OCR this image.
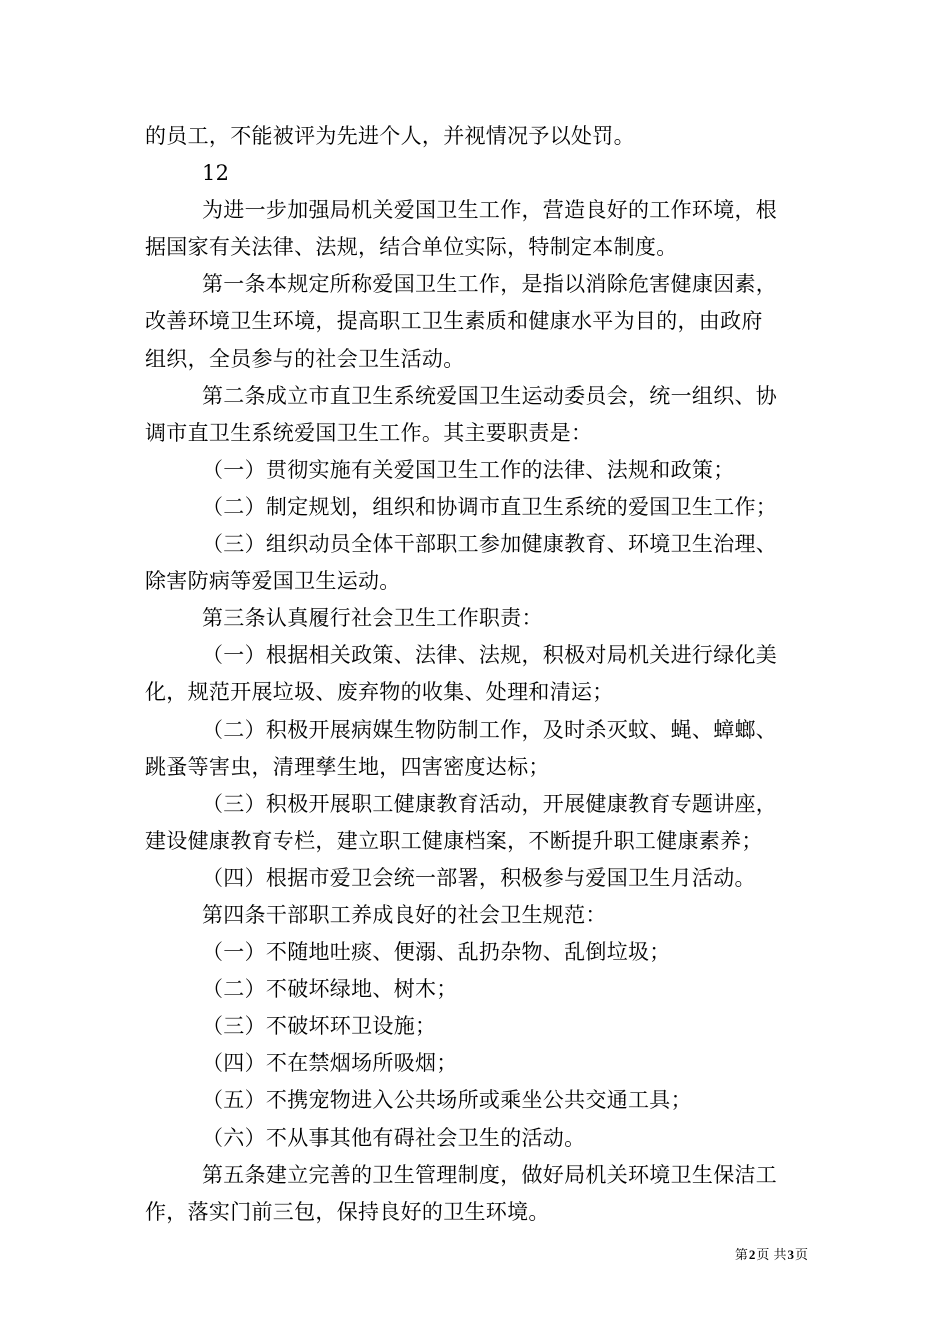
的员工，不能被评为先进个人，并视情况予以处罚。
12
为进一步加强局机关爱国卫生工作，营造良好的工作环境，根
据国家有关法律、法规，结合单位实际，特制定本制度。
第一条本规定所称爱国卫生工作，是指以消除危害健康因素，
改善环境卫生环境，提高职工卫生素质和健康水平为目的，由政府
组织，全员参与的社会卫生活动。
第二条成立市直卫生系统爱国卫生运动委员会，统一组织、协
调市直卫生系统爱国卫生工作。其主要职责是：
（一）贯彻实施有关爱国卫生工作的法律、法规和政策；
（二）制定规划，组织和协调市直卫生系统的爱国卫生工作；
（三）组织动员全体干部职工参加健康教育、环境卫生治理、
除害防病等爱国卫生运动。
第三条认真履行社会卫生工作职责：
（一）根据相关政策、法律、法规，积极对局机关进行绿化美
化，规范开展垃圾、废弃物的收集、处理和清运；
（二）积极开展病媒生物防制工作，及时杀灭蚊、蝇、蟑螂、
跳蚤等害虫，清理孳生地，四害密度达标；
（三）积极开展职工健康教育活动，开展健康教育专题讲座，
建设健康教育专栏，建立职工健康档案，不断提升职工健康素养；
（四）根据市爱卫会统一部署，积极参与爱国卫生月活动。
第四条干部职工养成良好的社会卫生规范：
（一）不随地吐痰、便溺、乱扔杂物、乱倒垃圾；
（二）不破坏绿地、树木；
（三）不破坏环卫设施；
（四）不在禁烟场所吸烟；
（五）不携宠物进入公共场所或乘坐公共交通工具；
（六）不从事其他有碍社会卫生的活动。
第五条建立完善的卫生管理制度，做好局机关环境卫生保洁工
作，落实门前三包，保持良好的卫生环境。
第2页 共3页
